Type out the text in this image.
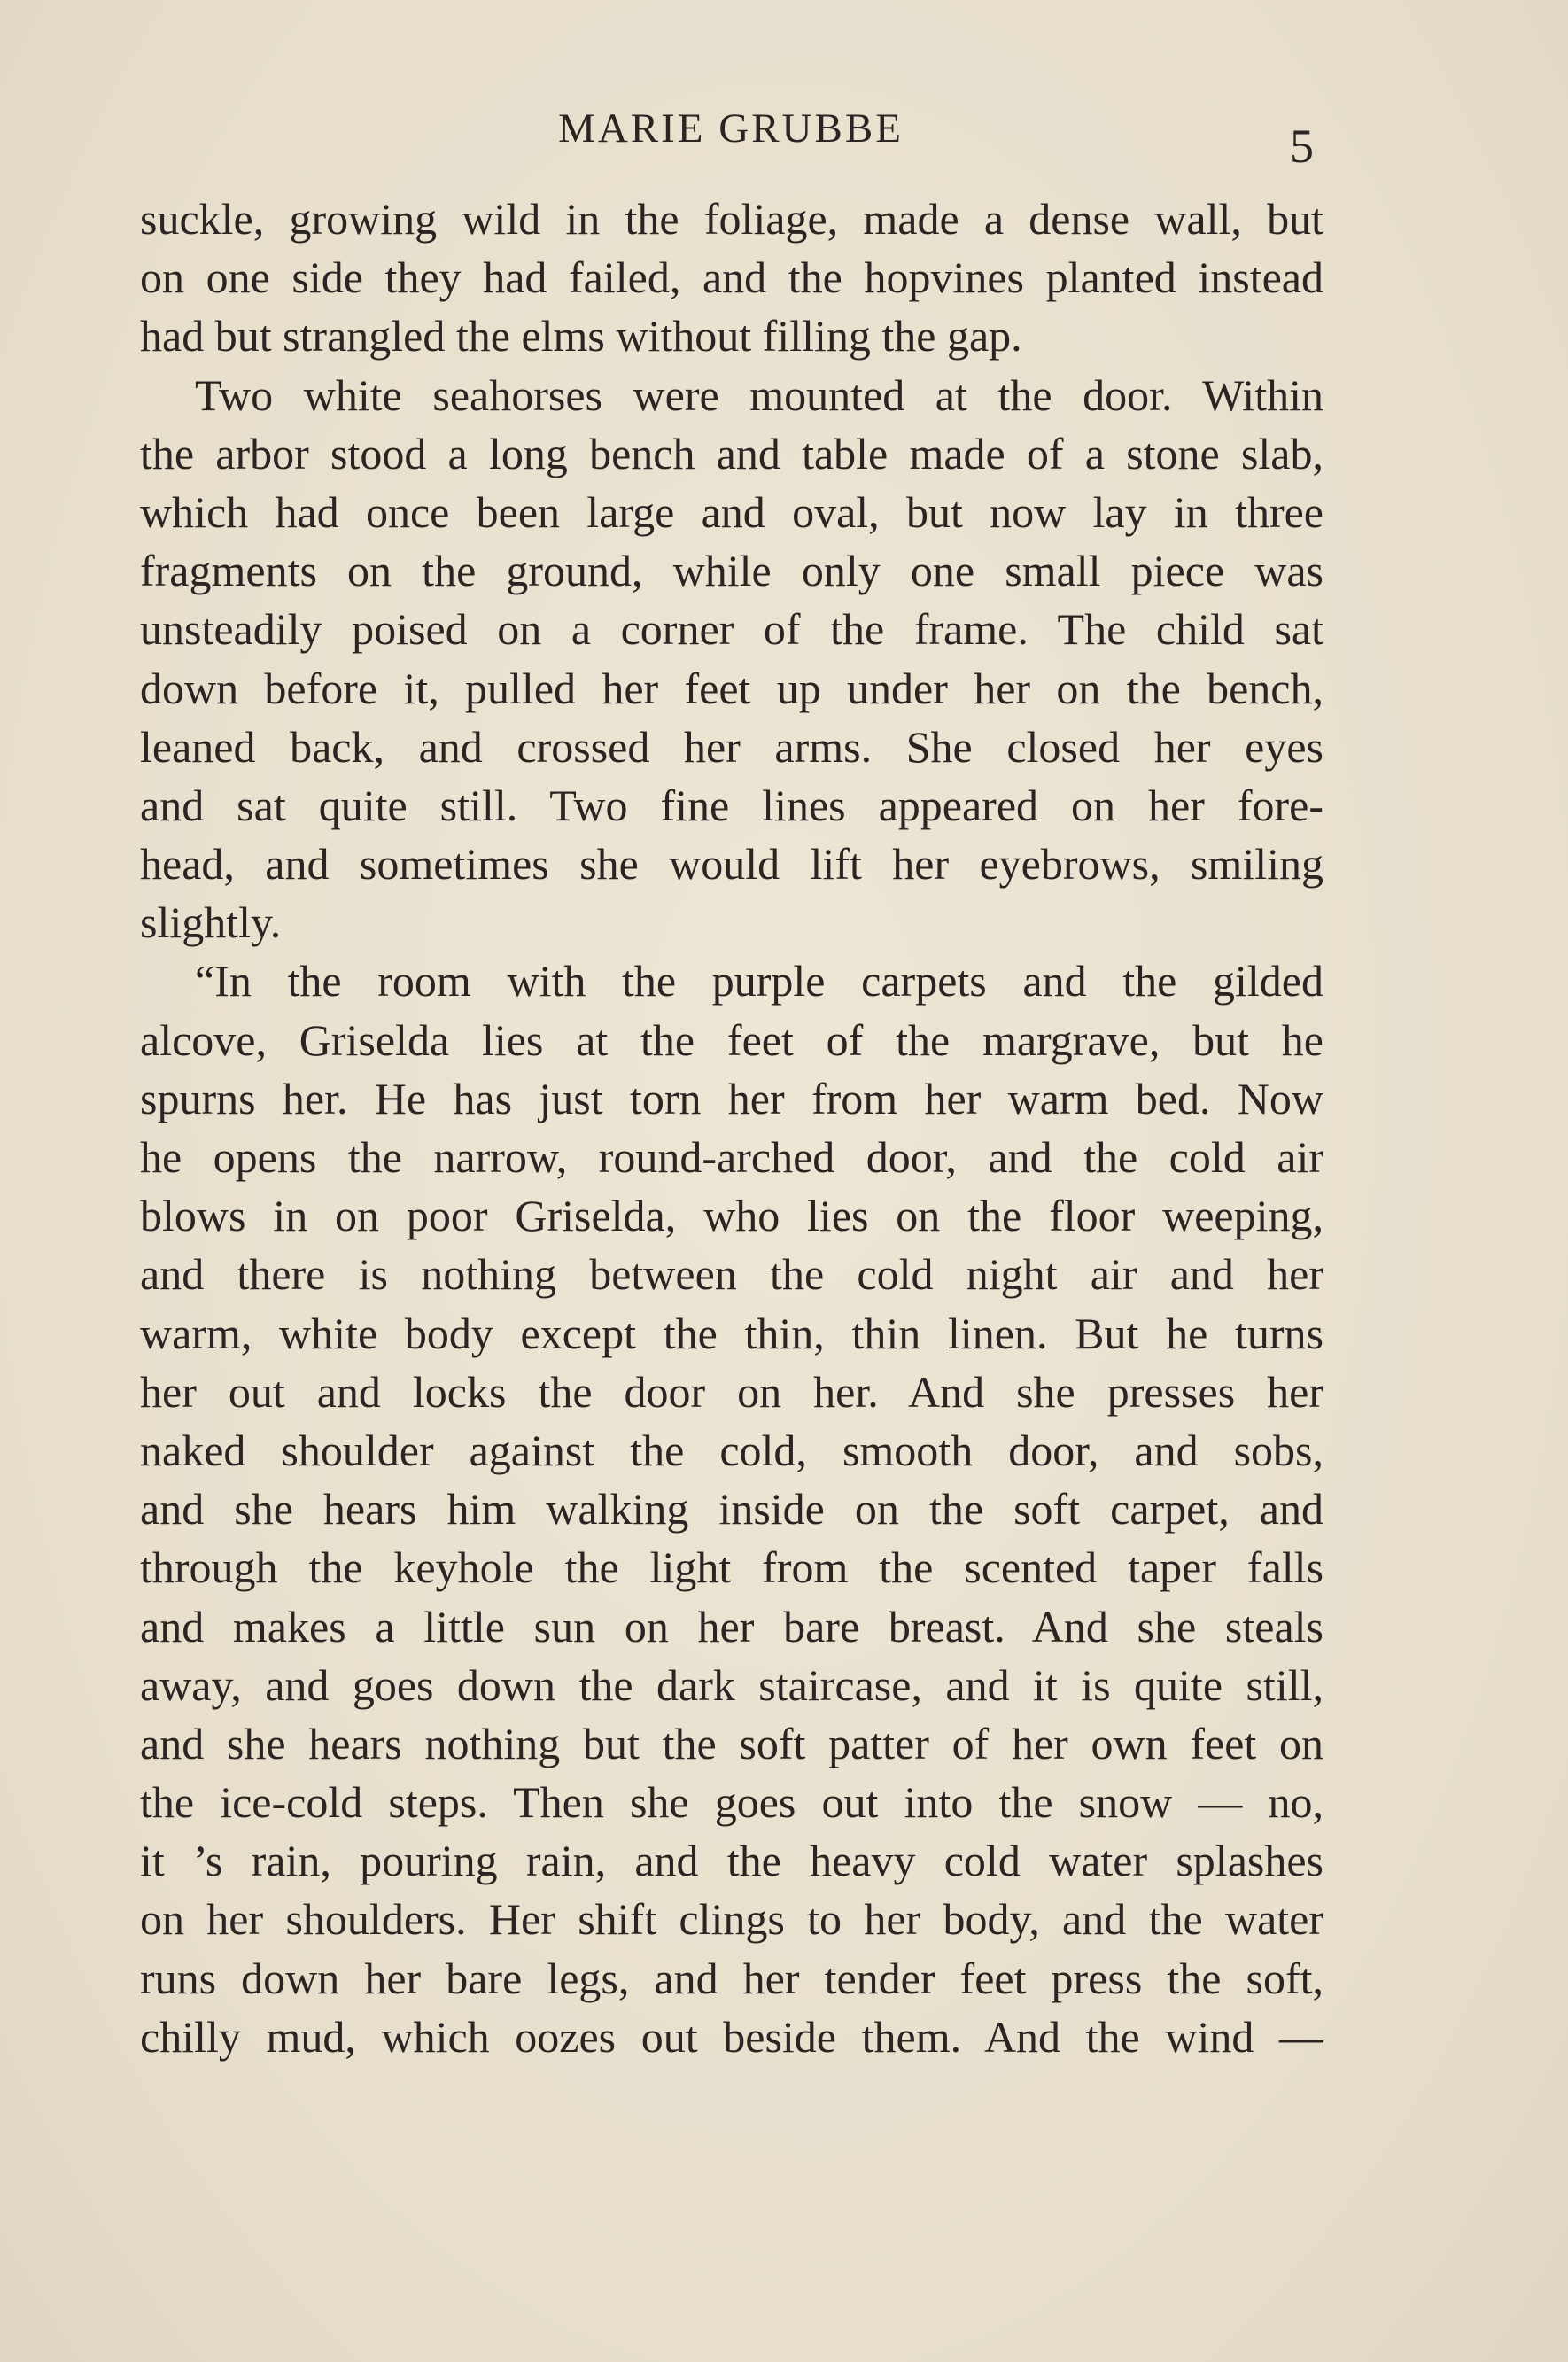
MARIE GRUBBE	5
suckle, growing wild in the foliage, made a dense wall, but
on one side they had failed, and the hopvines planted instead
had but strangled the elms without filling the gap.
Two white seahorses were mounted at the door. Within
the arbor stood a long bench and table made of a stone slab,
which had once been large and oval, but now lay in three
fragments on the ground, while only one small piece was
unsteadily poised on a corner of the frame. The child sat
down before it, pulled her feet up under her on the bench,
leaned back, and crossed her arms. She closed her eyes
and sat quite still. Two fine lines appeared on her fore-
head, and sometimes she would lift her eyebrows, smiling
slightly.
“In the room with the purple carpets and the gilded
alcove, Griselda lies at the feet of the margrave, but he
spurns her. He has just torn her from her warm bed. Now
he opens the narrow, round-arched door, and the cold air
blows in on poor Griselda, who lies on the floor weeping,
and there is nothing between the cold night air and her
warm, white body except the thin, thin linen. But he turns
her out and locks the door on her. And she presses her
naked shoulder against the cold, smooth door, and sobs,
and she hears him walking inside on the soft carpet, and
through the keyhole the light from the scented taper falls
and makes a little sun on her bare breast. And she steals
away, and goes down the dark staircase, and it is quite still,
and she hears nothing but the soft patter of her own feet on
the ice-cold steps. Then she goes out into the snow — no,
it ’s rain, pouring rain, and the heavy cold water splashes
on her shoulders. Her shift clings to her body, and the water
runs down her bare legs, and her tender feet press the soft,
chilly mud, which oozes out beside them. And the wind —
